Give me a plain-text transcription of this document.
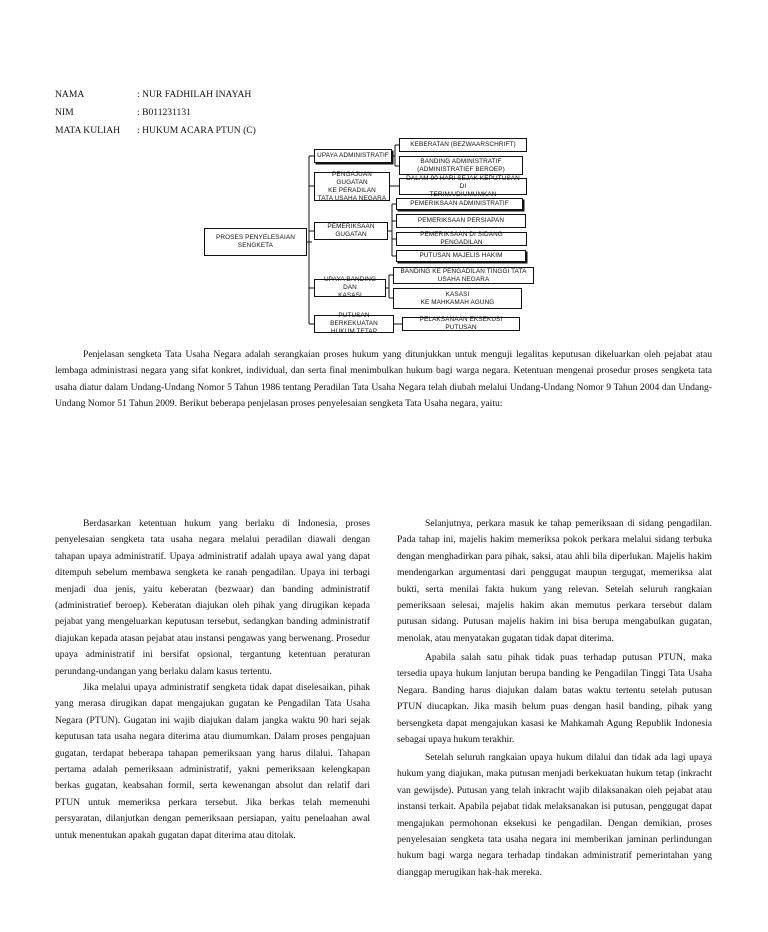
NAMA	: NUR FADHILAH INAYAH
NIM	: B011231131
MATA KULIAH	: HUKUM ACARA PTUN (C)
PROSES PENYELESAIAN
SENGKETA
UPAYA ADMINISTRATIF
PENGAJUAN GUGATAN
KE PERADILAN
TATA USAHA NEGARA
PEMERIKSAAN
GUGATAN
UPAYA BANDING DAN
KASASI
PUTUSAN BERKEKUATAN
HUKUM TETAP
KEBERATAN (BEZWAARSCHRIFT)
BANDING ADMINISTRATIF
(ADMINISTRATIEF BEROEP)
DALAM 90 HARI SEJAK KEPUTUSAN DI
TERIMA/DIUMUMKAN
PEMERIKSAAN ADMINISTRATIF
PEMERIKSAAN PERSIAPAN
PEMERIKSAAN DI SIDANG PENGADILAN
PUTUSAN MAJELIS HAKIM
BANDING KE PENGADILAN TINGGI TATA
USAHA NEGARA
KASASI
KE MAHKAMAH AGUNG
PELAKSANAAN EKSEKUSI PUTUSAN

Penjelasan sengketa Tata Usaha Negara adalah serangkaian proses hukum yang ditunjukkan untuk menguji legalitas keputusan dikeluarkan oleh pejabat atau lembaga administrasi negara yang sifat konkret, individual, dan serta final menimbulkan hukum bagi warga negara. Ketentuan mengenai prosedur proses sengketa tata usaha diatur dalam Undang-Undang Nomor 5 Tahun 1986 tentang Peradilan Tata Usaha Negara telah diubah melalui Undang-Undang Nomor 9 Tahun 2004 dan Undang-Undang Nomor 51 Tahun 2009. Berikut beberapa penjelasan proses penyelesaian sengketa Tata Usaha negara, yaitu:

Berdasarkan ketentuan hukum yang berlaku di Indonesia, proses penyelesaian sengketa tata usaha negara melalui peradilan diawali dengan tahapan upaya administratif. Upaya administratif adalah upaya awal yang dapat ditempuh sebelum membawa sengketa ke ranah pengadilan. Upaya ini terbagi menjadi dua jenis, yaitu keberatan (bezwaar) dan banding administratif (administratief beroep). Keberatan diajukan oleh pihak yang dirugikan kepada pejabat yang mengeluarkan keputusan tersebut, sedangkan banding administratif diajukan kepada atasan pejabat atau instansi pengawas yang berwenang. Prosedur upaya administratif ini bersifat opsional, tergantung ketentuan peraturan perundang-undangan yang berlaku dalam kasus tertentu.

Jika melalui upaya administratif sengketa tidak dapat diselesaikan, pihak yang merasa dirugikan dapat mengajukan gugatan ke Pengadilan Tata Usaha Negara (PTUN). Gugatan ini wajib diajukan dalam jangka waktu 90 hari sejak keputusan tata usaha negara diterima atau diumumkan. Dalam proses pengajuan gugatan, terdapat beberapa tahapan pemeriksaan yang harus dilalui. Tahapan pertama adalah pemeriksaan administratif, yakni pemeriksaan kelengkapan berkas gugatan, keabsahan formil, serta kewenangan absolut dan relatif dari PTUN untuk memeriksa perkara tersebut. Jika berkas telah memenuhi persyaratan, dilanjutkan dengan pemeriksaan persiapan, yaitu penelaahan awal untuk menentukan apakah gugatan dapat diterima atau ditolak.

Selanjutnya, perkara masuk ke tahap pemeriksaan di sidang pengadilan. Pada tahap ini, majelis hakim memeriksa pokok perkara melalui sidang terbuka dengan menghadirkan para pihak, saksi, atau ahli bila diperlukan. Majelis hakim mendengarkan argumentasi dari penggugat maupun tergugat, memeriksa alat bukti, serta menilai fakta hukum yang relevan. Setelah seluruh rangkaian pemeriksaan selesai, majelis hakim akan memutus perkara tersebut dalam putusan sidang. Putusan majelis hakim ini bisa berupa mengabulkan gugatan, menolak, atau menyatakan gugatan tidak dapat diterima.

Apabila salah satu pihak tidak puas terhadap putusan PTUN, maka tersedia upaya hukum lanjutan berupa banding ke Pengadilan Tinggi Tata Usaha Negara. Banding harus diajukan dalam batas waktu tertentu setelah putusan PTUN diucapkan. Jika masih belum puas dengan hasil banding, pihak yang bersengketa dapat mengajukan kasasi ke Mahkamah Agung Republik Indonesia sebagai upaya hukum terakhir.

Setelah seluruh rangkaian upaya hukum dilalui dan tidak ada lagi upaya hukum yang diajukan, maka putusan menjadi berkekuatan hukum tetap (inkracht van gewijsde). Putusan yang telah inkracht wajib dilaksanakan oleh pejabat atau instansi terkait. Apabila pejabat tidak melaksanakan isi putusan, penggugat dapat mengajukan permohonan eksekusi ke pengadilan. Dengan demikian, proses penyelesaian sengketa tata usaha negara ini memberikan jaminan perlindungan hukum bagi warga negara terhadap tindakan administratif pemerintahan yang dianggap merugikan hak-hak mereka.
